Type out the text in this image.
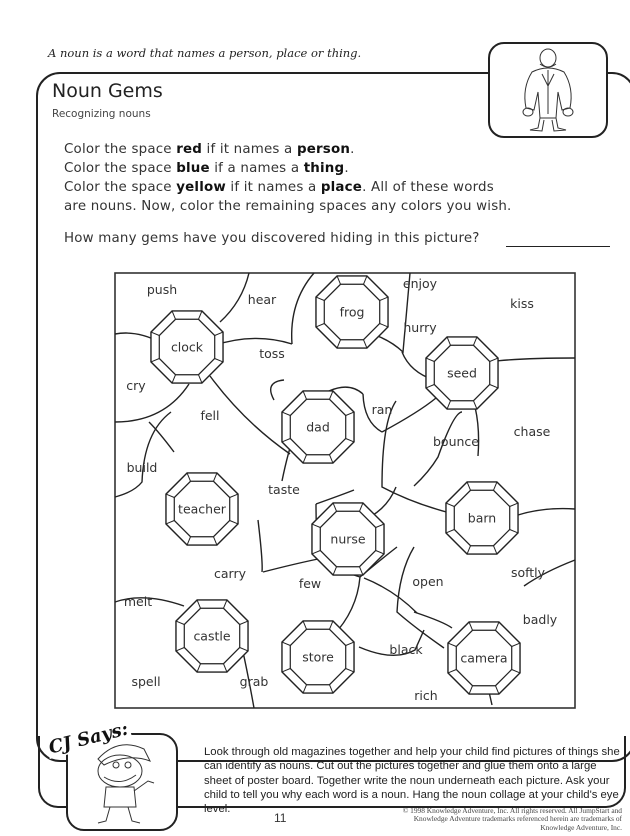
A noun is a word that names a person, place or thing.
Noun Gems
Recognizing nouns
Color the space red if it names a person.
Color the space blue if a names a thing.
Color the space yellow if it names a place. All of these words
are nouns. Now, color the remaining spaces any colors you wish.
How many gems have you discovered hiding in this picture?
clock
frog
seed
dad
teacher
nurse
barn
castle
store	camera
push
hear
enjoy
kiss
hurry
cry
toss
fell	ran
chase
bounce
build
taste
carry
few	open
softly
melt
badly
black
spell	grab
rich
CJ Says:	Look through old magazines together and help your child find pictures of things she can identify as nouns. Cut out the pictures together and glue them onto a large sheet of poster board. Together write the noun underneath each picture. Ask your child to tell you why each word is a noun. Hang the noun collage at your child's eye level.
11
© 1998 Knowledge Adventure, Inc. All rights reserved. All JumpStart and Knowledge Adventure trademarks referenced herein are trademarks of Knowledge Adventure, Inc.
